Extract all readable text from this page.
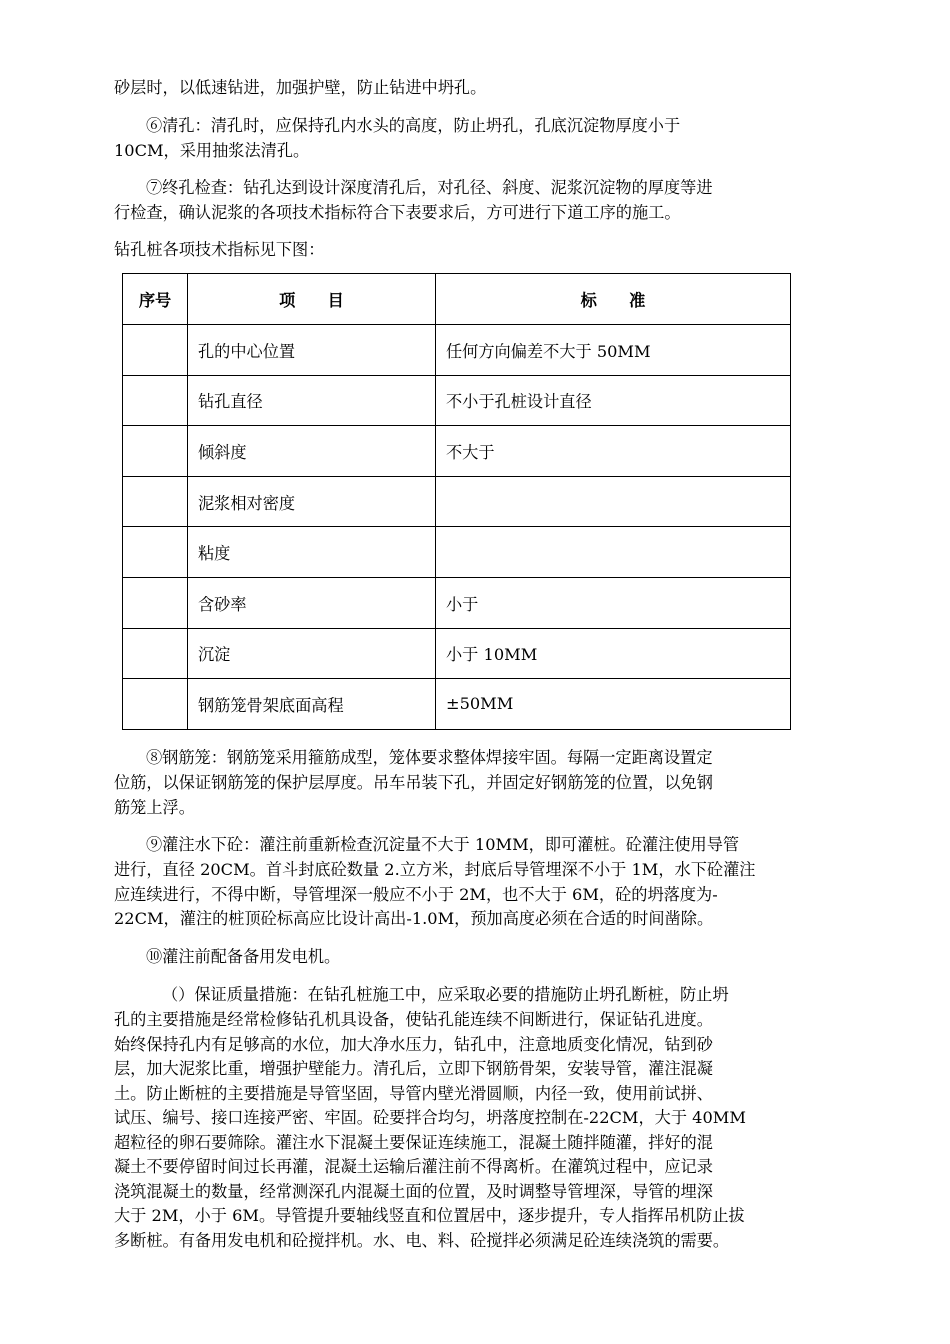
砂层时，以低速钻进，加强护壁，防止钻进中坍孔。

⑥清孔：清孔时，应保持孔内水头的高度，防止坍孔，孔底沉淀物厚度小于

10CM，采用抽浆法清孔。

⑦终孔检查：钻孔达到设计深度清孔后，对孔径、斜度、泥浆沉淀物的厚度等进

行检查，确认泥浆的各项技术指标符合下表要求后，方可进行下道工序的施工。

钻孔桩各项技术指标见下图：

序号	项　　目	标　　准
	孔的中心位置	任何方向偏差不大于 50MM
	钻孔直径	不小于孔桩设计直径
	倾斜度	不大于
	泥浆相对密度	
	粘度	
	含砂率	小于
	沉淀	小于 10MM
	钢筋笼骨架底面高程	±50MM

⑧钢筋笼：钢筋笼采用箍筋成型，笼体要求整体焊接牢固。每隔一定距离设置定

位筋，以保证钢筋笼的保护层厚度。吊车吊装下孔，并固定好钢筋笼的位置，以免钢
筋笼上浮。

⑨灌注水下砼：灌注前重新检查沉淀量不大于 10MM，即可灌桩。砼灌注使用导管

进行，直径 20CM。首斗封底砼数量 2.立方米，封底后导管埋深不小于 1M，水下砼灌注
应连续进行，不得中断，导管埋深一般应不小于 2M，也不大于 6M，砼的坍落度为-
22CM，灌注的桩顶砼标高应比设计高出-1.0M，预加高度必须在合适的时间凿除。

⑩灌注前配备备用发电机。

（）保证质量措施：在钻孔桩施工中，应采取必要的措施防止坍孔断桩，防止坍

孔的主要措施是经常检修钻孔机具设备，使钻孔能连续不间断进行，保证钻孔进度。
始终保持孔内有足够高的水位，加大净水压力，钻孔中，注意地质变化情况，钻到砂
层，加大泥浆比重，增强护壁能力。清孔后，立即下钢筋骨架，安装导管，灌注混凝
土。防止断桩的主要措施是导管坚固，导管内壁光滑圆顺，内径一致，使用前试拼、
试压、编号、接口连接严密、牢固。砼要拌合均匀，坍落度控制在-22CM，大于 40MM
超粒径的卵石要筛除。灌注水下混凝土要保证连续施工，混凝土随拌随灌，拌好的混
凝土不要停留时间过长再灌，混凝土运输后灌注前不得离析。在灌筑过程中，应记录
浇筑混凝土的数量，经常测深孔内混凝土面的位置，及时调整导管埋深，导管的埋深
大于 2M，小于 6M。导管提升要轴线竖直和位置居中，逐步提升，专人指挥吊机防止拔
多断桩。有备用发电机和砼搅拌机。水、电、料、砼搅拌必须满足砼连续浇筑的需要。
